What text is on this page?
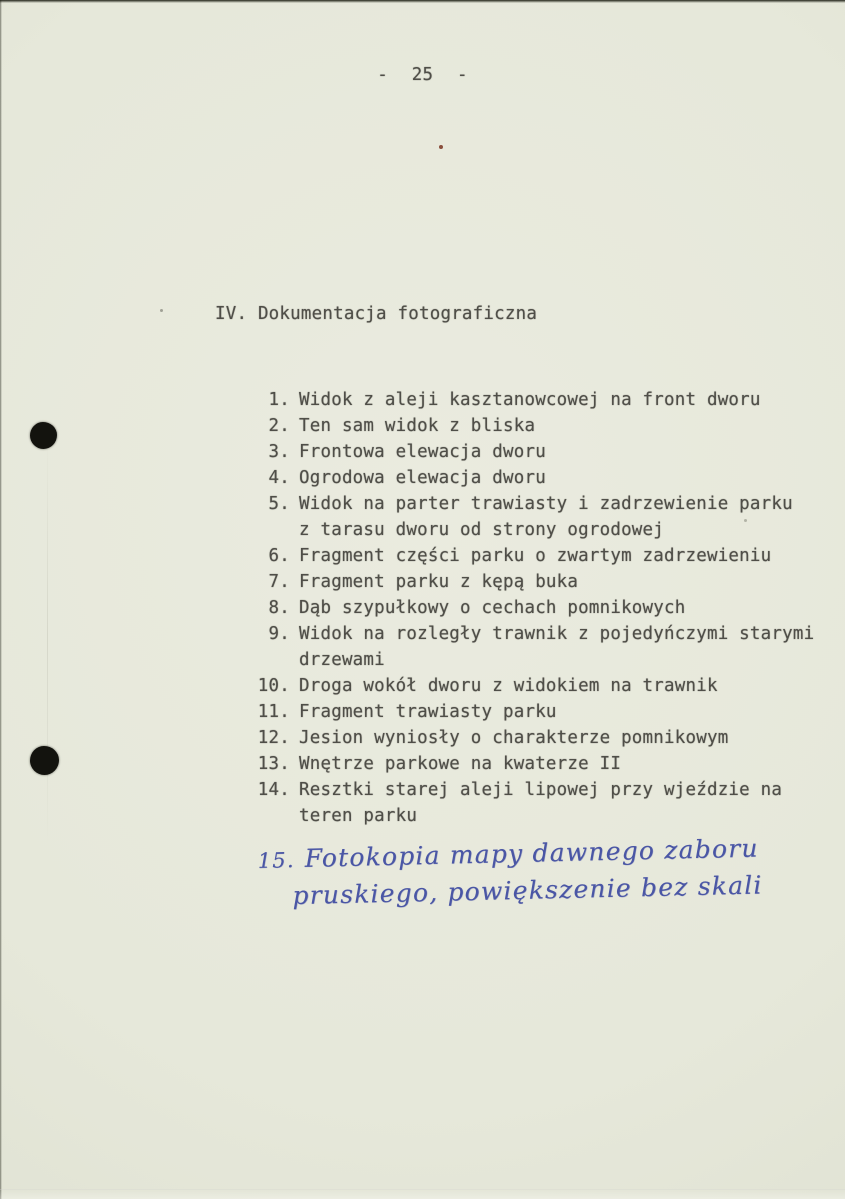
- 25 -
IV. Dokumentacja fotograficzna
1. Widok z aleji kasztanowcowej na front dworu
2. Ten sam widok z bliska
3. Frontowa elewacja dworu
4. Ogrodowa elewacja dworu
5. Widok na parter trawiasty i zadrzewienie parku
z tarasu dworu od strony ogrodowej
6. Fragment części parku o zwartym zadrzewieniu
7. Fragment parku z kępą buka
8. Dąb szypułkowy o cechach pomnikowych
9. Widok na rozległy trawnik z pojedyńczymi starymi
drzewami
10. Droga wokół dworu z widokiem na trawnik
11. Fragment trawiasty parku
12. Jesion wyniosły o charakterze pomnikowym
13. Wnętrze parkowe na kwaterze II
14. Resztki starej aleji lipowej przy wjeździe na
teren parku
15. Fotokopia mapy dawnego zaboru
pruskiego, powiększenie bez skali
